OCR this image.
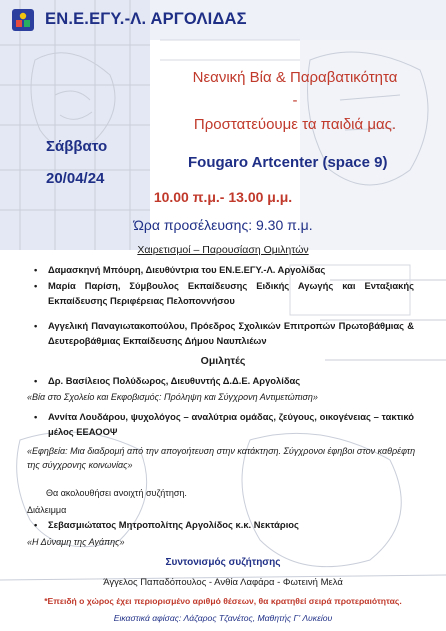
ΕΝ.Ε.ΕΓΥ.-Λ. ΑΡΓΟΛΙΔΑΣ
Νεανική Βία & Παραβατικότητα
-
Προστατεύουμε τα παιδιά μας.
Σάββατο
20/04/24
Fougaro Artcenter (space 9)
10.00 π.μ.- 13.00 μ.μ.
Ώρα προσέλευσης: 9.30 π.μ.
Χαιρετισμοί – Παρουσίαση Ομιλητών
•	Δαμασκηνή Μπόυρη, Διευθύντρια του ΕΝ.Ε.ΕΓΥ.-Λ. Αργολίδας
•	Μαρία Παρίση, Σύμβουλος Εκπαίδευσης Ειδικής Αγωγής και Ενταξιακής Εκπαίδευσης Περιφέρειας Πελοποννήσου
•	Αγγελική Παναγιωτακοπούλου, Πρόεδρος Σχολικών Επιτροπών Πρωτοβάθμιας & Δευτεροβάθμιας Εκπαίδευσης Δήμου Ναυπλιέων
Ομιλητές
•	Δρ. Βασίλειος Πολύδωρος, Διευθυντής Δ.Δ.Ε. Αργολίδας
«Βία στο Σχολείο και Εκφοβισμός: Πρόληψη και Σύγχρονη Αντιμετώπιση»
•	Αννίτα Λουδάρου, ψυχολόγος – αναλύτρια ομάδας, ζεύγους, οικογένειας – τακτικό μέλος ΕΕΑΟΟΨ
«Εφηβεία: Μια διαδρομή από την απογοήτευση στην κατάκτηση. Σύγχρονοι έφηβοι στον καθρέφτη της σύγχρονης κοινωνίας»
Θα ακολουθήσει ανοιχτή συζήτηση.
Διάλειμμα
•	Σεβασμιώτατος Μητροπολίτης Αργολίδος κ.κ. Νεκτάριος
«Η Δύναμη της Αγάπης»
Συντονισμός συζήτησης
Άγγελος Παπαδόπουλος - Ανθία Λαφάρα - Φωτεινή Μελά
*Επειδή ο χώρος έχει περιορισμένο αριθμό θέσεων, θα κρατηθεί σειρά προτεραιότητας.
Εικαστικά αφίσας: Λάζαρος Τζανέτος, Μαθητής Γ' Λυκείου
